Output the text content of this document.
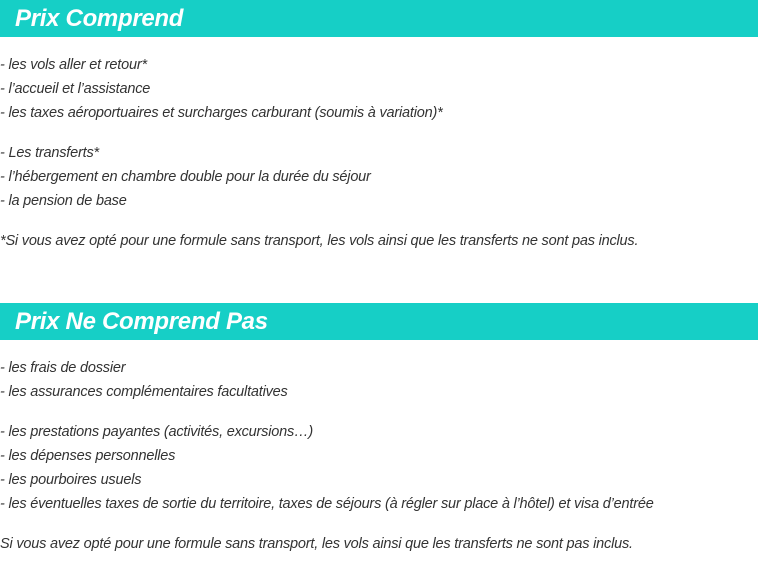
Prix Comprend
- les vols aller et retour*
- l’accueil et l’assistance
- les taxes aéroportuaires et surcharges carburant (soumis à variation)*
- Les transferts*
- l’hébergement en chambre double pour la durée du séjour
- la pension de base
*Si vous avez opté pour une formule sans transport, les vols ainsi que les transferts ne sont pas inclus.
Prix Ne Comprend Pas
- les frais de dossier
- les assurances complémentaires facultatives
- les prestations payantes (activités, excursions…)
- les dépenses personnelles
- les pourboires usuels
- les éventuelles taxes de sortie du territoire, taxes de séjours (à régler sur place à l’hôtel) et visa d’entrée
Si vous avez opté pour une formule sans transport, les vols ainsi que les transferts ne sont pas inclus.
